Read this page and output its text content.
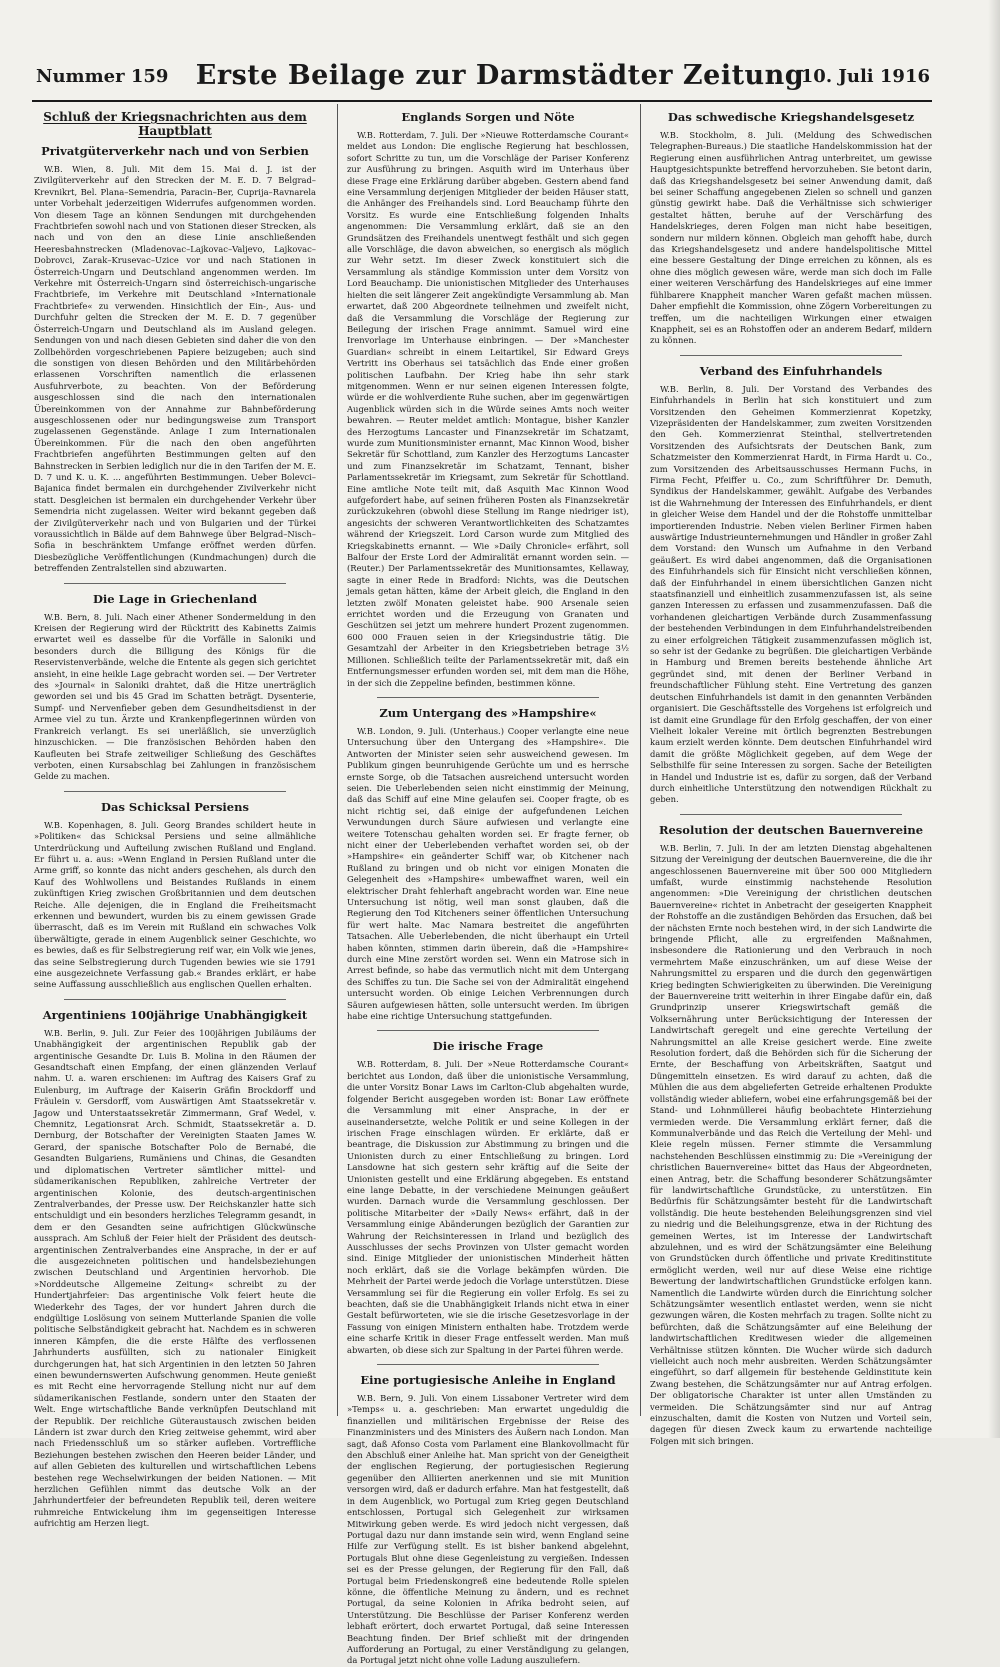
Nummer 159	Erste Beilage zur Darmstädter Zeitung
10. Juli 1916
Schluß der Kriegsnachrichten aus dem Hauptblatt
Privatgüterverkehr nach und von Serbien

W.B. Wien, 8. Juli. Mit dem 15. Mai d. J. ist der Zivilgüterverkehr auf den Strecken der M. E. D. 7 Belgrad–Krevnikrt, Bel. Plana–Semendria, Paracin–Ber, Cuprija–Ravnarela unter Vorbehalt jederzeitigen Widerrufes aufgenommen worden. Von diesem Tage an können Sendungen mit durchgehenden Frachtbriefen sowohl nach und von Stationen dieser Strecken, als nach und von den an diese Linie anschließenden Heeresbahnstrecken (Mladenovac–Lajkovac–Valjevo, Lajkovac–Dobrovci, Zarak–Krusevac–Uzice vor und nach Stationen in Österreich-Ungarn und Deutschland angenommen werden. Im Verkehre mit Österreich-Ungarn sind österreichisch-ungarische Frachtbriefe, im Verkehre mit Deutschland »Internationale Frachtbriefe« zu verwenden. Hinsichtlich der Ein-, Aus- und Durchfuhr gelten die Strecken der M. E. D. 7 gegenüber Österreich-Ungarn und Deutschland als im Ausland gelegen. Sendungen von und nach diesen Gebieten sind daher die von den Zollbehörden vorgeschriebenen Papiere beizugeben; auch sind die sonstigen von diesen Behörden und den Militärbehörden erlassenen Vorschriften namentlich die erlassenen Ausfuhrverbote, zu beachten. Von der Beförderung ausgeschlossen sind die nach den internationalen Übereinkommen von der Annahme zur Bahnbeförderung ausgeschlossenen oder nur bedingungsweise zum Transport zugelassenen Gegenstände. Anlage I zum Internationalen Übereinkommen. Für die nach den oben angeführten Frachtbriefen angeführten Bestimmungen gelten auf den Bahnstrecken in Serbien lediglich nur die in den Tarifen der M. E. D. 7 und K. u. K. ... angeführten Bestimmungen. Ueber Bolevci–Bajanica findet bermalen ein durchgehender Zivilverkehr nicht statt. Desgleichen ist bermalen ein durchgehender Verkehr über Semendria nicht zugelassen. Weiter wird bekannt gegeben daß der Zivilgüterverkehr nach und von Bulgarien und der Türkei voraussichtlich in Bälde auf dem Bahnwege über Belgrad–Nisch–Sofia in beschränktem Umfange eröffnet werden dürfen. Diesbezügliche Veröffentlichungen (Kundmachungen) durch die betreffenden Zentralstellen sind abzuwarten.

Die Lage in Griechenland

W.B. Bern, 8. Juli. Nach einer Athener Sondermeldung in den Kreisen der Regierung wird der Rücktritt des Kabinetts Zaimis erwartet weil es dasselbe für die Vorfälle in Saloniki und besonders durch die Billigung des Königs für die Reservistenverbände, welche die Entente als gegen sich gerichtet ansieht, in eine heikle Lage gebracht worden sei. — Der Vertreter des »Journal« in Saloniki drahtet, daß die Hitze unerträglich geworden sei und bis 45 Grad im Schatten beträgt. Dysenterie, Sumpf- und Nervenfieber geben dem Gesundheitsdienst in der Armee viel zu tun. Ärzte und Krankenpflegerinnen würden von Frankreich verlangt. Es sei unerläßlich, sie unverzüglich hinzuschicken. — Die französischen Behörden haben den Kaufleuten bei Strafe zeitweiliger Schließung des Geschäftes verboten, einen Kursabschlag bei Zahlungen in französischem Gelde zu machen.

Das Schicksal Persiens

W.B. Kopenhagen, 8. Juli. Georg Brandes schildert heute in »Politiken« das Schicksal Persiens und seine allmähliche Unterdrückung und Aufteilung zwischen Rußland und England. Er führt u. a. aus: »Wenn England in Persien Rußland unter die Arme griff, so konnte das nicht anders geschehen, als durch den Kauf des Wohlwollens und Beistandes Rußlands in einem zukünftigen Krieg zwischen Großbritannien und dem deutschen Reiche. Alle dejenigen, die in England die Freiheitsmacht erkennen und bewundert, wurden bis zu einem gewissen Grade überrascht, daß es im Verein mit Rußland ein schwaches Volk überwältigte, gerade in einem Augenblick seiner Geschichte, wo es bewies, daß es für Selbstregierung reif war, ein Volk wie jenes, das seine Selbstregierung durch Tugenden bewies wie sie 1791 eine ausgezeichnete Verfassung gab.« Brandes erklärt, er habe seine Auffassung ausschließlich aus englischen Quellen erhalten.

Argentiniens 100jährige Unabhängigkeit

W.B. Berlin, 9. Juli. Zur Feier des 100jährigen Jubiläums der Unabhängigkeit der argentinischen Republik gab der argentinische Gesandte Dr. Luis B. Molina in den Räumen der Gesandtschaft einen Empfang, der einen glänzenden Verlauf nahm. U. a. waren erschienen: im Auftrag des Kaisers Graf zu Eulenburg, im Auftrage der Kaiserin Gräfin Brockdorff und Fräulein v. Gersdorff, vom Auswärtigen Amt Staatssekretär v. Jagow und Unterstaatssekretär Zimmermann, Graf Wedel, v. Chemnitz, Legationsrat Arch. Schmidt, Staatssekretär a. D. Dernburg, der Botschafter der Vereinigten Staaten James W. Gerard, der spanische Botschafter Polo de Bernabé, die Gesandten Bulgariens, Rumäniens und Chinas, die Gesandten und diplomatischen Vertreter sämtlicher mittel- und südamerikanischen Republiken, zahlreiche Vertreter der argentinischen Kolonie, des deutsch-argentinischen Zentralverbandes, der Presse usw. Der Reichskanzler hatte sich entschuldigt und ein besonders herzliches Telegramm gesandt, in dem er den Gesandten seine aufrichtigen Glückwünsche aussprach. Am Schluß der Feier hielt der Präsident des deutsch-argentinischen Zentralverbandes eine Ansprache, in der er auf die ausgezeichneten politischen und handelsbeziehungen zwischen Deutschland und Argentinien hervorhob. Die »Norddeutsche Allgemeine Zeitung« schreibt zu der Hundertjahrfeier: Das argentinische Volk feiert heute die Wiederkehr des Tages, der vor hundert Jahren durch die endgültige Loslösung von seinem Mutterlande Spanien die volle politische Selbständigkeit gebracht hat. Nachdem es in schweren inneren Kämpfen, die die erste Hälfte des verflossenen Jahrhunderts ausfüllten, sich zu nationaler Einigkeit durchgerungen hat, hat sich Argentinien in den letzten 50 Jahren einen bewundernswerten Aufschwung genommen. Heute genießt es mit Recht eine hervorragende Stellung nicht nur auf dem südamerikanischen Festlande, sondern unter den Staaten der Welt. Enge wirtschaftliche Bande verknüpfen Deutschland mit der Republik. Der reichliche Güteraustausch zwischen beiden Ländern ist zwar durch den Krieg zeitweise gehemmt, wird aber nach Friedensschluß um so stärker aufleben. Vortreffliche Beziehungen bestehen zwischen den Heeren beider Länder, und auf allen Gebieten des kulturellen und wirtschaftlichen Lebens bestehen rege Wechselwirkungen der beiden Nationen. — Mit herzlichen Gefühlen nimmt das deutsche Volk an der Jahrhundertfeier der befreundeten Republik teil, deren weitere ruhmreiche Entwickelung ihm im gegenseitigen Interesse aufrichtig am Herzen liegt.

Englands Sorgen und Nöte

W.B. Rotterdam, 7. Juli. Der »Nieuwe Rotterdamsche Courant« meldet aus London: Die englische Regierung hat beschlossen, sofort Schritte zu tun, um die Vorschläge der Pariser Konferenz zur Ausführung zu bringen. Asquith wird im Unterhaus über diese Frage eine Erklärung darüber abgeben. Gestern abend fand eine Versammlung derjenigen Mitglieder der beiden Häuser statt, die Anhänger des Freihandels sind. Lord Beauchamp führte den Vorsitz. Es wurde eine Entschließung folgenden Inhalts angenommen: Die Versammlung erklärt, daß sie an den Grundsätzen des Freihandels unentwegt festhält und sich gegen alle Vorschläge, die davon abweichen, so energisch als möglich zur Wehr setzt. Im dieser Zweck konstituiert sich die Versammlung als ständige Kommission unter dem Vorsitz von Lord Beauchamp. Die unionistischen Mitglieder des Unterhauses hielten die seit längerer Zeit angekündigte Versammlung ab. Man erwartet, daß 200 Abgeordnete teilnehmen und zweifelt nicht, daß die Versammlung die Vorschläge der Regierung zur Beilegung der irischen Frage annimmt. Samuel wird eine Irenvorlage im Unterhause einbringen. — Der »Manchester Guardian« schreibt in einem Leitartikel, Sir Edward Greys Vertritt ins Oberhaus sei tatsächlich das Ende einer großen politischen Laufbahn. Der Krieg habe ihn sehr stark mitgenommen. Wenn er nur seinen eigenen Interessen folgte, würde er die wohlverdiente Ruhe suchen, aber im gegenwärtigen Augenblick würden sich in die Würde seines Amts noch weiter bewahren. — Reuter meldet amtlich: Montague, bisher Kanzler des Herzogtums Lancaster und Finanzsekretär im Schatzamt, wurde zum Munitionsminister ernannt, Mac Kinnon Wood, bisher Sekretär für Schottland, zum Kanzler des Herzogtums Lancaster und zum Finanzsekretär im Schatzamt, Tennant, bisher Parlamentssekretär im Kriegsamt, zum Sekretär für Schottland. Eine amtliche Note teilt mit, daß Asquith Mac Kinnon Wood aufgefordert habe, auf seinen früheren Posten als Finanzsekretär zurückzukehren (obwohl diese Stellung im Range niedriger ist), angesichts der schweren Verantwortlichkeiten des Schatzamtes während der Kriegszeit. Lord Carson wurde zum Mitglied des Kriegskabinetts ernannt. — Wie »Daily Chronicle« erfährt, soll Balfour der Erste Lord der Admiralität ernannt worden sein. — (Reuter.) Der Parlamentssekretär des Munitionsamtes, Kellaway, sagte in einer Rede in Bradford: Nichts, was die Deutschen jemals getan hätten, käme der Arbeit gleich, die England in den letzten zwölf Monaten geleistet habe. 900 Arsenale seien errichtet worden und die Erzeugung von Granaten und Geschützen sei jetzt um mehrere hundert Prozent zugenommen. 600 000 Frauen seien in der Kriegsindustrie tätig. Die Gesamtzahl der Arbeiter in den Kriegsbetrieben betrage 3½ Millionen. Schließlich teilte der Parlamentssekretär mit, daß ein Entfernungsmesser erfunden worden sei, mit dem man die Höhe, in der sich die Zeppeline befinden, bestimmen könne.

Zum Untergang des »Hampshire«

W.B. London, 9. Juli. (Unterhaus.) Cooper verlangte eine neue Untersuchung über den Untergang des »Hampshire«. Die Antworten der Minister seien sehr ausweichend gewesen. Im Publikum gingen beunruhigende Gerüchte um und es herrsche ernste Sorge, ob die Tatsachen ausreichend untersucht worden seien. Die Ueberlebenden seien nicht einstimmig der Meinung, daß das Schiff auf eine Mine gelaufen sei. Cooper fragte, ob es nicht richtig sei, daß einige der aufgefundenen Leichen Verwundungen durch Säure aufwiesen und verlangte eine weitere Totenschau gehalten worden sei. Er fragte ferner, ob nicht einer der Ueberlebenden verhaftet worden sei, ob der »Hampshire« ein geänderter Schiff war, ob Kitchener nach Rußland zu bringen und ob nicht vor einigen Monaten die Gelegenheit des »Hampshire« umbewaffnet waren, weil ein elektrischer Draht fehlerhaft angebracht worden war. Eine neue Untersuchung ist nötig, weil man sonst glauben, daß die Regierung den Tod Kitcheners seiner öffentlichen Untersuchung für wert halte. Mac Namara bestreitet die angeführten Tatsachen. Alle Ueberlebenden, die nicht überhaupt ein Urteil haben könnten, stimmen darin überein, daß die »Hampshire« durch eine Mine zerstört worden sei. Wenn ein Matrose sich in Arrest befinde, so habe das vermutlich nicht mit dem Untergang des Schiffes zu tun. Die Sache sei von der Admiralität eingehend untersucht worden. Ob einige Leichen Verbrennungen durch Säuren aufgewiesen hätten, solle untersucht werden. Im übrigen habe eine richtige Untersuchung stattgefunden.

Die irische Frage

W.B. Rotterdam, 8. Juli. Der »Neue Rotterdamsche Courant« berichtet aus London, daß über die unionistische Versammlung, die unter Vorsitz Bonar Laws im Carlton-Club abgehalten wurde, folgender Bericht ausgegeben worden ist: Bonar Law eröffnete die Versammlung mit einer Ansprache, in der er auseinandersetzte, welche Politik er und seine Kollegen in der irischen Frage einschlagen würden. Er erklärte, daß er beantrage, die Diskussion zur Abstimmung zu bringen und die Unionisten durch zu einer Entschließung zu bringen. Lord Lansdowne hat sich gestern sehr kräftig auf die Seite der Unionisten gestellt und eine Erklärung abgegeben. Es entstand eine lange Debatte, in der verschiedene Meinungen geäußert wurden. Darnach wurde die Versammlung geschlossen. Der politische Mitarbeiter der »Daily News« erfährt, daß in der Versammlung einige Abänderungen bezüglich der Garantien zur Wahrung der Reichsinteressen in Irland und bezüglich des Ausschlusses der sechs Provinzen von Ulster gemacht worden sind. Einige Mitglieder der unionistischen Minderheit hätten noch erklärt, daß sie die Vorlage bekämpfen würden. Die Mehrheit der Partei werde jedoch die Vorlage unterstützen. Diese Versammlung sei für die Regierung ein voller Erfolg. Es sei zu beachten, daß sie die Unabhängigkeit Irlands nicht etwa in einer Gestalt befürworteten, wie sie die irische Gesetzesvorlage in der Fassung von einigen Ministern enthalten habe. Trotzdem werde eine scharfe Kritik in dieser Frage entfesselt werden. Man muß abwarten, ob diese sich zur Spaltung in der Partei führen werde.

Eine portugiesische Anleihe in England

W.B. Bern, 9. Juli. Von einem Lissaboner Vertreter wird dem »Temps« u. a. geschrieben: Man erwartet ungeduldig die finanziellen und militärischen Ergebnisse der Reise des Finanzministers und des Ministers des Äußern nach London. Man sagt, daß Afonso Costa vom Parlament eine Blankovollmacht für den Abschluß einer Anleihe hat. Man spricht von der Geneigtheit der englischen Regierung, der portugiesischen Regierung gegenüber den Alliierten anerkennen und sie mit Munition versorgen wird, daß er dadurch erfahre. Man hat festgestellt, daß in dem Augenblick, wo Portugal zum Krieg gegen Deutschland entschlossen, Portugal sich Gelegenheit zur wirksamen Mitwirkung geben werde. Es wird jedoch nicht vergessen, daß Portugal dazu nur dann imstande sein wird, wenn England seine Hilfe zur Verfügung stellt. Es ist bisher bankend abgelehnt, Portugals Blut ohne diese Gegenleistung zu vergießen. Indessen sei es der Presse gelungen, der Regierung für den Fall, daß Portugal beim Friedenskongreß eine bedeutende Rolle spielen könne, die öffentliche Meinung zu ändern, und es rechnet Portugal, da seine Kolonien in Afrika bedroht seien, auf Unterstützung. Die Beschlüsse der Pariser Konferenz werden lebhaft erörtert, doch erwartet Portugal, daß seine Interessen Beachtung finden. Der Brief schließt mit der dringenden Aufforderung an Portugal, zu einer Verständigung zu gelangen, da Portugal jetzt nicht ohne volle Ladung auszuliefern.

Das schwedische Kriegshandelsgesetz

W.B. Stockholm, 8. Juli. (Meldung des Schwedischen Telegraphen-Bureaus.) Die staatliche Handelskommission hat der Regierung einen ausführlichen Antrag unterbreitet, um gewisse Hauptgesichtspunkte betreffend hervorzuheben. Sie betont darin, daß das Kriegshandelsgesetz bei seiner Anwendung damit, daß bei seiner Schaffung angegebenen Zielen so schnell und ganzen günstig gewirkt habe. Daß die Verhältnisse sich schwieriger gestaltet hätten, beruhe auf der Verschärfung des Handelskrieges, deren Folgen man nicht habe beseitigen, sondern nur mildern können. Obgleich man gehofft habe, durch das Kriegshandelsgesetz und andere handelspolitische Mittel eine bessere Gestaltung der Dinge erreichen zu können, als es ohne dies möglich gewesen wäre, werde man sich doch im Falle einer weiteren Verschärfung des Handelskrieges auf eine immer fühlbarere Knappheit mancher Waren gefaßt machen müssen. Daher empfiehlt die Kommission, ohne Zögern Vorbereitungen zu treffen, um die nachteiligen Wirkungen einer etwaigen Knappheit, sei es an Rohstoffen oder an anderem Bedarf, mildern zu können.

Verband des Einfuhrhandels

W.B. Berlin, 8. Juli. Der Vorstand des Verbandes des Einfuhrhandels in Berlin hat sich konstituiert und zum Vorsitzenden den Geheimen Kommerzienrat Kopetzky, Vizepräsidenten der Handelskammer, zum zweiten Vorsitzenden den Geh. Kommerzienrat Steinthal, stellvertretenden Vorsitzenden des Aufsichtsrats der Deutschen Bank, zum Schatzmeister den Kommerzienrat Hardt, in Firma Hardt u. Co., zum Vorsitzenden des Arbeitsausschusses Hermann Fuchs, in Firma Fecht, Pfeiffer u. Co., zum Schriftführer Dr. Demuth, Syndikus der Handelskammer, gewählt. Aufgabe des Verbandes ist die Wahrnehmung der Interessen des Einfuhrhandels, er dient in gleicher Weise dem Handel und der die Rohstoffe unmittelbar importierenden Industrie. Neben vielen Berliner Firmen haben auswärtige Industrieunternehmungen und Händler in großer Zahl dem Vorstand: den Wunsch um Aufnahme in den Verband geäußert. Es wird dabei angenommen, daß die Organisationen des Einfuhrhandels sich für Einsicht nicht verschließen können, daß der Einfuhrhandel in einem übersichtlichen Ganzen nicht staatsfinanziell und einheitlich zusammenzufassen ist, als seine ganzen Interessen zu erfassen und zusammenzufassen. Daß die vorhandenen gleichartigen Verbände durch Zusammenfassung der bestehenden Verbindungen in dem Einfuhrhandelstreibenden zu einer erfolgreichen Tätigkeit zusammenzufassen möglich ist, so sehr ist der Gedanke zu begrüßen. Die gleichartigen Verbände in Hamburg und Bremen bereits bestehende ähnliche Art gegründet sind, mit denen der Berliner Verband in freundschaftlicher Fühlung steht. Eine Vertretung des ganzen deutschen Einfuhrhandels ist damit in den genannten Verbänden organisiert. Die Geschäftsstelle des Vorgehens ist erfolgreich und ist damit eine Grundlage für den Erfolg geschaffen, der von einer Vielheit lokaler Vereine mit örtlich begrenzten Bestrebungen kaum erzielt werden könnte. Dem deutschen Einfuhrhandel wird damit die größte Möglichkeit gegeben, auf dem Wege der Selbsthilfe für seine Interessen zu sorgen. Sache der Beteiligten in Handel und Industrie ist es, dafür zu sorgen, daß der Verband durch einheitliche Unterstützung den notwendigen Rückhalt zu geben.

Resolution der deutschen Bauernvereine

W.B. Berlin, 7. Juli. In der am letzten Dienstag abgehaltenen Sitzung der Vereinigung der deutschen Bauernvereine, die die ihr angeschlossenen Bauernvereine mit über 500 000 Mitgliedern umfaßt, wurde einstimmig nachstehende Resolution angenommen: »Die Vereinigung der christlichen deutschen Bauernvereine« richtet in Anbetracht der geseigerten Knappheit der Rohstoffe an die zuständigen Behörden das Ersuchen, daß bei der nächsten Ernte noch bestehen wird, in der sich Landwirte die bringende Pflicht, alle zu ergreifenden Maßnahmen, insbesondere die Rationierung und den Verbrauch in noch vermehrtem Maße einzuschränken, um auf diese Weise der Nahrungsmittel zu ersparen und die durch den gegenwärtigen Krieg bedingten Schwierigkeiten zu überwinden. Die Vereinigung der Bauernvereine tritt weiterhin in ihrer Eingabe dafür ein, daß Grundprinzip unserer Kriegswirtschaft gemäß die Volksernährung unter Berücksichtigung der Interessen der Landwirtschaft geregelt und eine gerechte Verteilung der Nahrungsmittel an alle Kreise gesichert werde. Eine zweite Resolution fordert, daß die Behörden sich für die Sicherung der Ernte, der Beschaffung von Arbeitskräften, Saatgut und Düngemitteln einsetzen. Es wird darauf zu achten, daß die Mühlen die aus dem abgelieferten Getreide erhaltenen Produkte vollständig wieder abliefern, wobei eine erfahrungsgemäß bei der Stand- und Lohnmüllerei häufig beobachtete Hinterziehung vermieden werde. Die Versammlung erklärt ferner, daß die Kommunalverbände und das Reich die Verteilung der Mehl- und Kleie regeln müssen. Ferner stimmte die Versammlung nachstehenden Beschlüssen einstimmig zu: Die »Vereinigung der christlichen Bauernvereine« bittet das Haus der Abgeordneten, einen Antrag, betr. die Schaffung besonderer Schätzungsämter für landwirtschaftliche Grundstücke, zu unterstützen. Ein Bedürfnis für Schätzungsämter besteht für die Landwirtschaft vollständig. Die heute bestehenden Beleihungsgrenzen sind viel zu niedrig und die Beleihungsgrenze, etwa in der Richtung des gemeinen Wertes, ist im Interesse der Landwirtschaft abzulehnen, und es wird der Schätzungsämter eine Beleihung von Grundstücken durch öffentliche und private Kreditinstitute ermöglicht werden, weil nur auf diese Weise eine richtige Bewertung der landwirtschaftlichen Grundstücke erfolgen kann. Namentlich die Landwirte würden durch die Einrichtung solcher Schätzungsämter wesentlich entlastet werden, wenn sie nicht gezwungen wären, die Kosten mehrfach zu tragen. Sollte nicht zu befürchten, daß die Schätzungsämter auf eine Beleihung der landwirtschaftlichen Kreditwesen wieder die allgemeinen Verhältnisse stützen könnten. Die Wucher würde sich dadurch vielleicht auch noch mehr ausbreiten. Werden Schätzungsämter eingeführt, so darf allgemein für bestehende Geldinstitute kein Zwang bestehen, die Schätzungsämter nur auf Antrag erfolgen. Der obligatorische Charakter ist unter allen Umständen zu vermeiden. Die Schätzungsämter sind nur auf Antrag einzuschalten, damit die Kosten von Nutzen und Vorteil sein, dagegen für diesen Zweck kaum zu erwartende nachteilige Folgen mit sich bringen.
